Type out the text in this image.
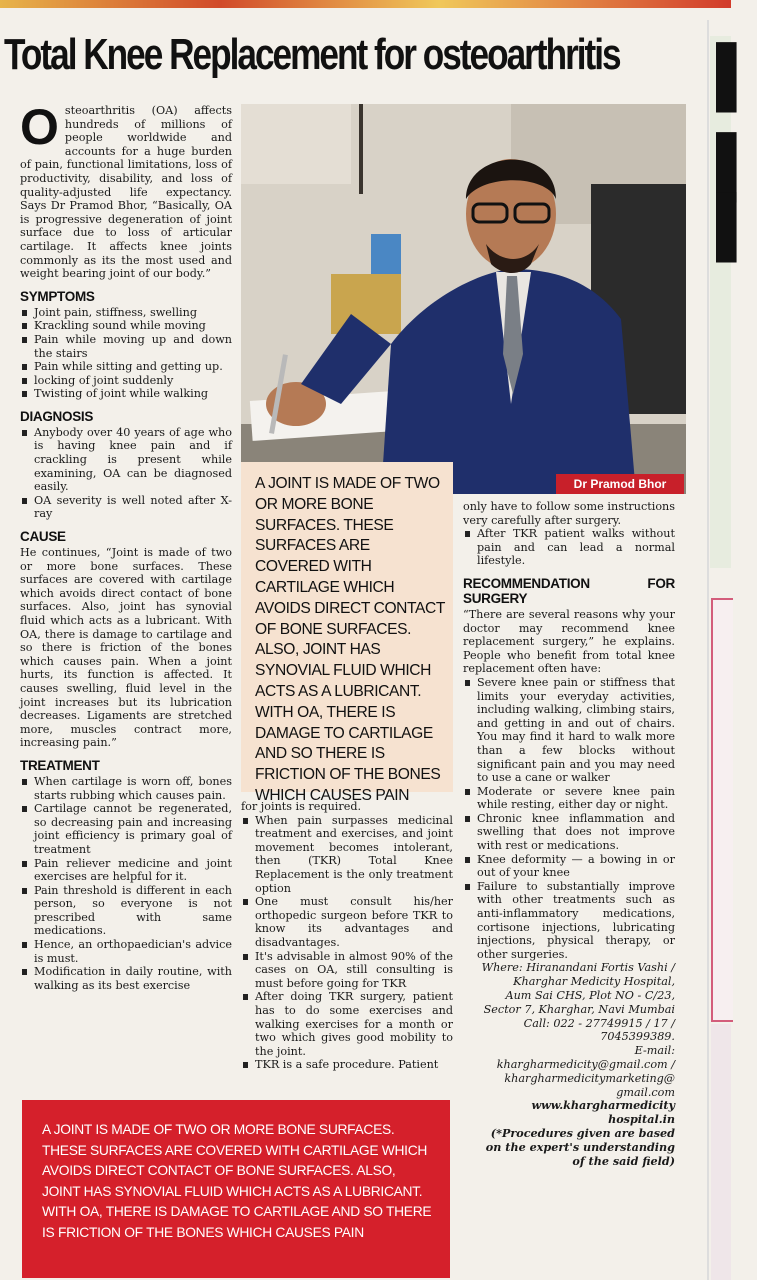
Total Knee Replacement for osteoarthritis

Osteoarthritis (OA) affects hundreds of millions of people worldwide and accounts for a huge burden of pain, functional limitations, loss of productivity, disability, and loss of quality-adjusted life expectancy. Says Dr Pramod Bhor, “Basically, OA is progressive degeneration of joint surface due to loss of articular cartilage. It affects knee joints commonly as its the most used and weight bearing joint of our body.”

SYMPTOMS
Joint pain, stiffness, swelling
Krackling sound while moving
Pain while moving up and down the stairs
Pain while sitting and getting up.
locking of joint suddenly
Twisting of joint while walking
DIAGNOSIS
Anybody over 40 years of age who is having knee pain and if crackling is present while examining, OA can be diagnosed easily.
OA severity is well noted after X-ray
CAUSE

He continues, “Joint is made of two or more bone surfaces. These surfaces are covered with cartilage which avoids direct contact of bone surfaces. Also, joint has synovial fluid which acts as a lubricant. With OA, there is damage to cartilage and so there is friction of the bones which causes pain. When a joint hurts, its function is affected. It causes swelling, fluid level in the joint increases but its lubrication decreases. Ligaments are stretched more, muscles contract more, increasing pain.”

TREATMENT
When cartilage is worn off, bones starts rubbing which causes pain.
Cartilage cannot be regenerated, so decreasing pain and increasing joint efficiency is primary goal of treatment
Pain reliever medicine and joint exercises are helpful for it.
Pain threshold is different in each person, so everyone is not prescribed with same medications.
Hence, an orthopaedician's advice is must.
Modification in daily routine, with walking as its best exercise
Dr Pramod Bhor
A JOINT IS MADE OF TWO OR MORE BONE SURFACES. THESE SURFACES ARE COVERED WITH CARTILAGE WHICH AVOIDS DIRECT CONTACT OF BONE SURFACES. ALSO, JOINT HAS SYNOVIAL FLUID WHICH ACTS AS A LUBRICANT. WITH OA, THERE IS DAMAGE TO CARTILAGE AND SO THERE IS FRICTION OF THE BONES WHICH CAUSES PAIN

for joints is required.

When pain surpasses medicinal treatment and exercises, and joint movement becomes intolerant, then (TKR) Total Knee Replacement is the only treatment option
One must consult his/her orthopedic surgeon before TKR to know its advantages and disadvantages.
It's advisable in almost 90% of the cases on OA, still consulting is must before going for TKR
After doing TKR surgery, patient has to do some exercises and walking exercises for a month or two which gives good mobility to the joint.
TKR is a safe procedure. Patient

only have to follow some instructions very carefully after surgery.

After TKR patient walks without pain and can lead a normal lifestyle.
RECOMMENDATION FOR SURGERY

“There are several reasons why your doctor may recommend knee replacement surgery,” he explains. People who benefit from total knee replacement often have:

Severe knee pain or stiffness that limits your everyday activities, including walking, climbing stairs, and getting in and out of chairs. You may find it hard to walk more than a few blocks without significant pain and you may need to use a cane or walker
Moderate or severe knee pain while resting, either day or night.
Chronic knee inflammation and swelling that does not improve with rest or medications.
Knee deformity — a bowing in or out of your knee
Failure to substantially improve with other treatments such as anti-inflammatory medications, cortisone injections, lubricating injections, physical therapy, or other surgeries.
Where: Hiranandani Fortis Vashi /
Kharghar Medicity Hospital,
Aum Sai CHS, Plot NO - C/23,
Sector 7, Kharghar, Navi Mumbai
Call: 022 - 27749915 / 17 /
7045399389.
E-mail:
khargharmedicity@gmail.com /
khargharmedicitymarketing@
gmail.com
www.khargharmedicity
hospital.in
(*Procedures given are based
on the expert's understanding
of the said field)
A JOINT IS MADE OF TWO OR MORE BONE SURFACES. THESE SURFACES ARE COVERED WITH CARTILAGE WHICH AVOIDS DIRECT CONTACT OF BONE SURFACES. ALSO, JOINT HAS SYNOVIAL FLUID WHICH ACTS AS A LUBRICANT. WITH OA, THERE IS DAMAGE TO CARTILAGE AND SO THERE IS FRICTION OF THE BONES WHICH CAUSES PAIN
▌
▌
▌
